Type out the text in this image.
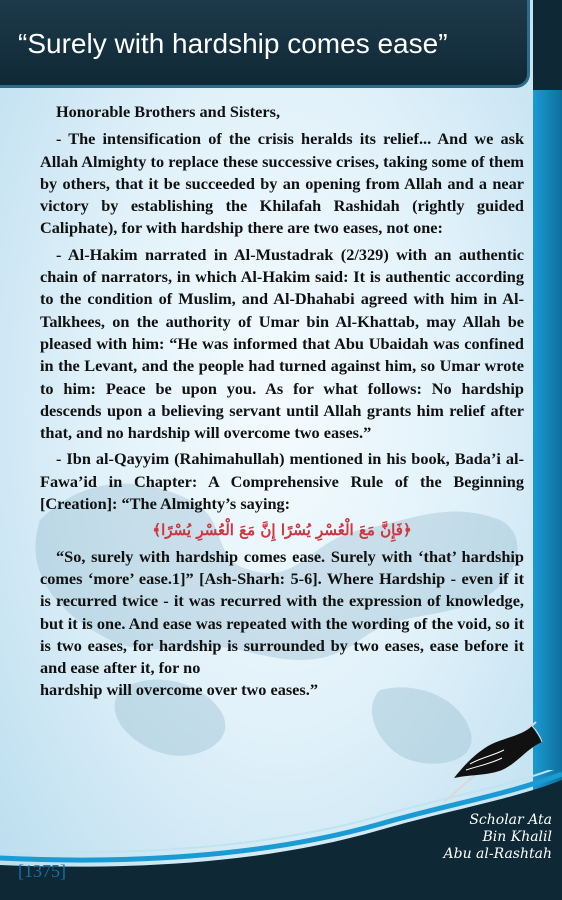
“Surely with hardship comes ease”

Honorable Brothers and Sisters,

- The intensification of the crisis heralds its relief... And we ask Allah Almighty to replace these successive crises, taking some of them by others, that it be succeeded by an opening from Allah and a near victory by establishing the Khilafah Rashidah (rightly guided Caliphate), for with hardship there are two eases, not one:

- Al-Hakim narrated in Al-Mustadrak (2/329) with an authentic chain of narrators, in which Al-Hakim said: It is authentic according to the condition of Muslim, and Al-Dhahabi agreed with him in Al-Talkhees, on the authority of Umar bin Al-Khattab, may Allah be pleased with him: “He was informed that Abu Ubaidah was confined in the Levant, and the people had turned against him, so Umar wrote to him: Peace be upon you. As for what follows: No hardship descends upon a believing servant until Allah grants him relief after that, and no hardship will overcome two eases.”

- Ibn al-Qayyim (Rahimahullah) mentioned in his book, Bada’i al-Fawa’id in Chapter: A Comprehensive Rule of the Beginning [Creation]: “The Almighty’s saying:

﴿فَإِنَّ مَعَ الْعُسْرِ يُسْرًا إِنَّ مَعَ الْعُسْرِ يُسْرًا﴾

“So, surely with hardship comes ease. Surely with ‘that’ hardship comes ‘more’ ease.1]” [Ash-Sharh: 5-6]. Where Hardship - even if it is recurred twice - it was recurred with the expression of knowledge, but it is one. And ease was repeated with the wording of the void, so it is two eases, for hardship is surrounded by two eases, ease before it and ease after it, for no

hardship will overcome over two eases.”

Scholar Ata
Bin Khalil
Abu al-Rashtah
[1375]
